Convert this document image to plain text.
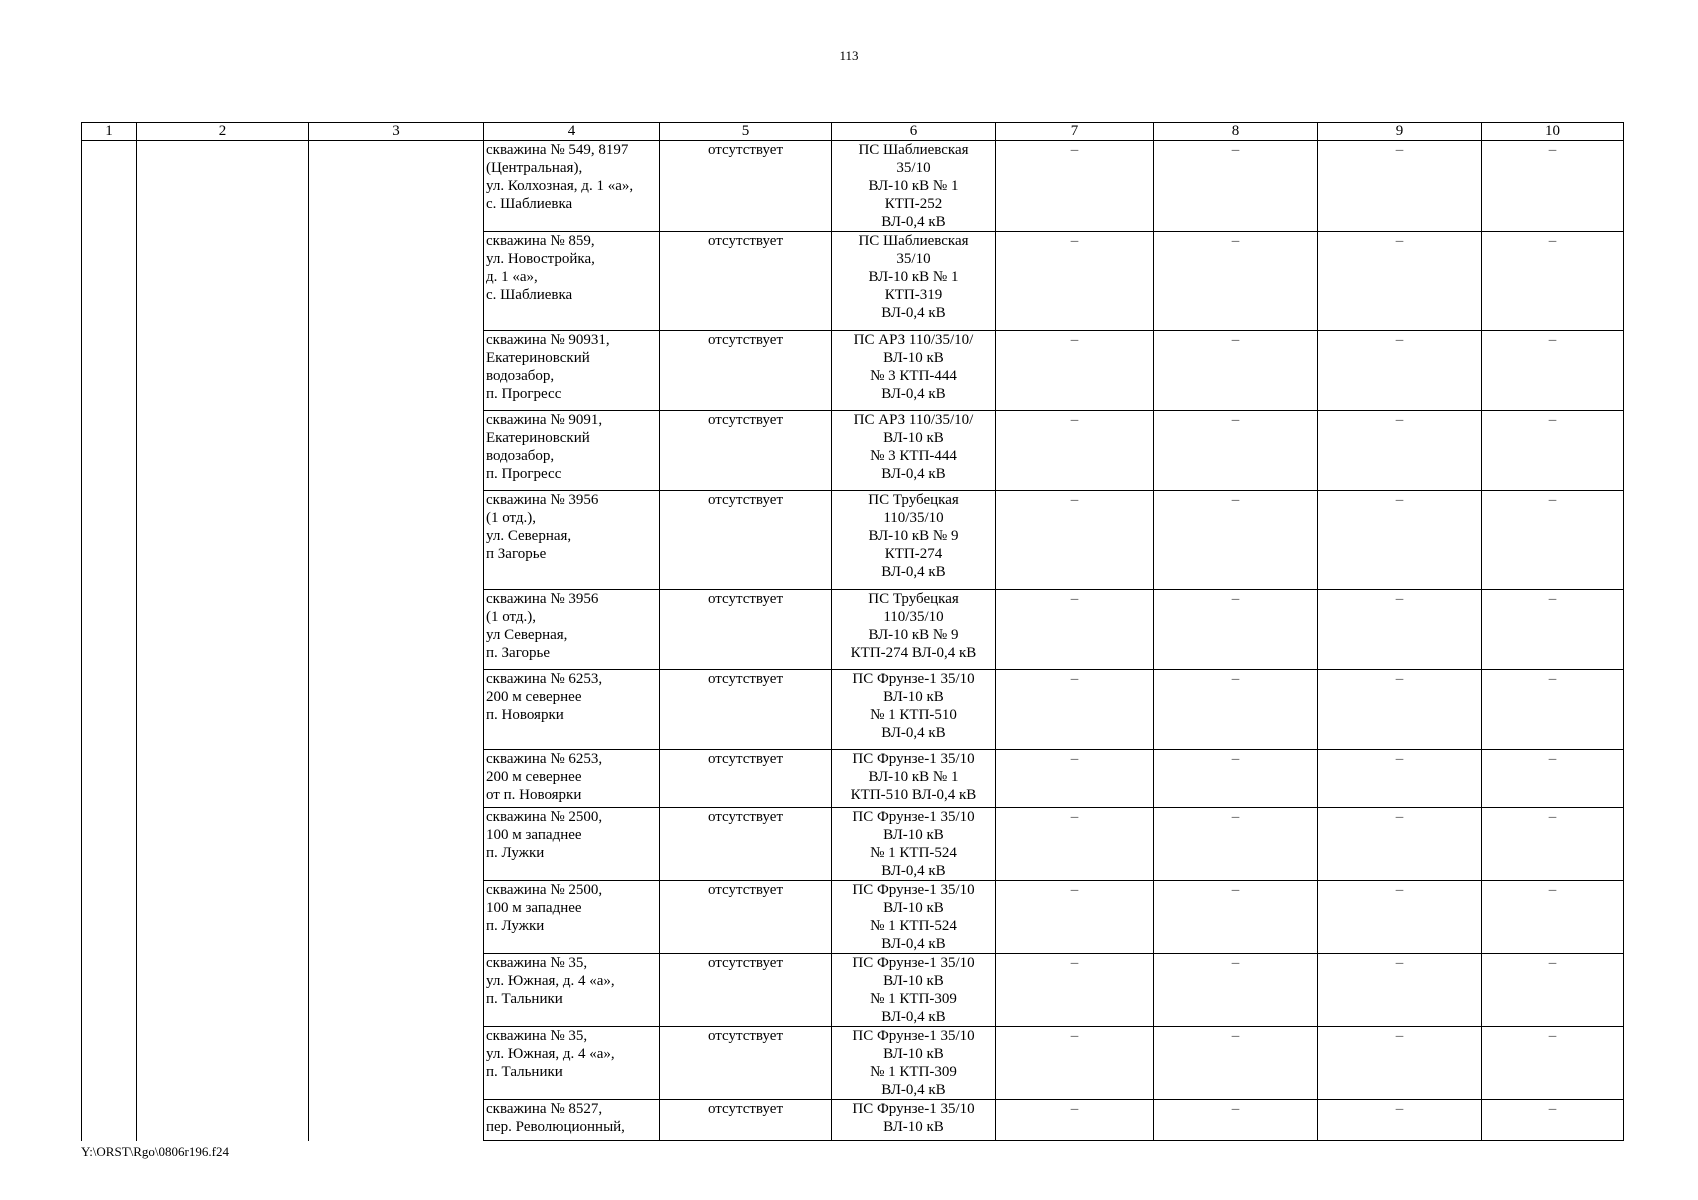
113
1	2	3	4	5	6	7	8	9	10

			скважина № 549, 8197
(Центральная),
ул. Колхозная, д. 1 «а»,
с. Шаблиевка	отсутствует	ПС Шаблиевская
35/10
ВЛ-10 кВ № 1
КТП-252
ВЛ-0,4 кВ	–	–	–	–

			скважина № 859,
ул. Новостройка,
д. 1 «а»,
с. Шаблиевка	отсутствует	ПС Шаблиевская
35/10
ВЛ-10 кВ № 1
КТП-319
ВЛ-0,4 кВ	–	–	–	–

			скважина № 90931,
Екатериновский
водозабор,
п. Прогресс	отсутствует	ПС АРЗ 110/35/10/
ВЛ-10 кВ
№ 3 КТП-444
ВЛ-0,4 кВ	–	–	–	–

			скважина № 9091,
Екатериновский
водозабор,
п. Прогресс	отсутствует	ПС АРЗ 110/35/10/
ВЛ-10 кВ
№ 3 КТП-444
ВЛ-0,4 кВ	–	–	–	–

			скважина № 3956
(1 отд.),
ул. Северная,
п Загорье	отсутствует	ПС Трубецкая
110/35/10
ВЛ-10 кВ № 9
КТП-274
ВЛ-0,4 кВ	–	–	–	–

			скважина № 3956
(1 отд.),
ул Северная,
п. Загорье	отсутствует	ПС Трубецкая
110/35/10
ВЛ-10 кВ № 9
КТП-274 ВЛ-0,4 кВ	–	–	–	–

			скважина № 6253,
200 м севернее
п. Новоярки	отсутствует	ПС Фрунзе-1 35/10
ВЛ-10 кВ
№ 1 КТП-510
ВЛ-0,4 кВ	–	–	–	–

			скважина № 6253,
200 м севернее
от п. Новоярки	отсутствует	ПС Фрунзе-1 35/10
ВЛ-10 кВ № 1
КТП-510 ВЛ-0,4 кВ	–	–	–	–

			скважина № 2500,
100 м западнее
п. Лужки	отсутствует	ПС Фрунзе-1 35/10
ВЛ-10 кВ
№ 1 КТП-524
ВЛ-0,4 кВ	–	–	–	–

			скважина № 2500,
100 м западнее
п. Лужки	отсутствует	ПС Фрунзе-1 35/10
ВЛ-10 кВ
№ 1 КТП-524
ВЛ-0,4 кВ	–	–	–	–

			скважина № 35,
ул. Южная, д. 4 «а»,
п. Тальники	отсутствует	ПС Фрунзе-1 35/10
ВЛ-10 кВ
№ 1 КТП-309
ВЛ-0,4 кВ	–	–	–	–

			скважина № 35,
ул. Южная, д. 4 «а»,
п. Тальники	отсутствует	ПС Фрунзе-1 35/10
ВЛ-10 кВ
№ 1 КТП-309
ВЛ-0,4 кВ	–	–	–	–

			скважина № 8527,
пер. Революционный,	отсутствует	ПС Фрунзе-1 35/10
ВЛ-10 кВ	–	–	–	–
Y:\ORST\Rgo\0806r196.f24
